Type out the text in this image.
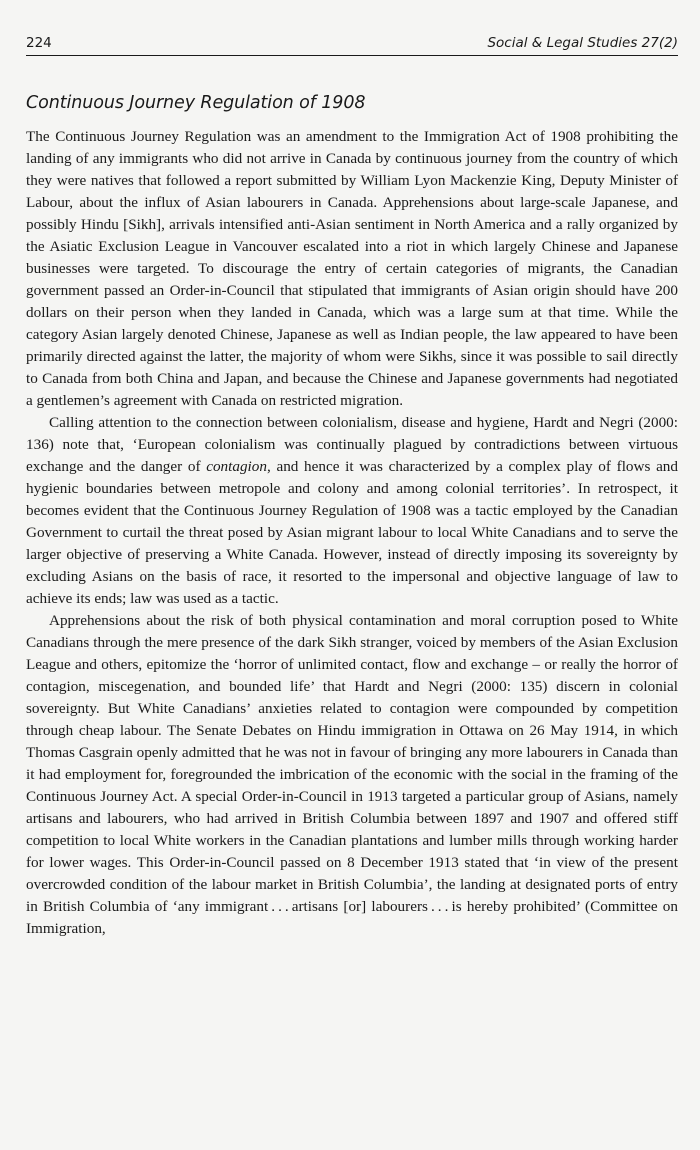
224	Social & Legal Studies 27(2)
Continuous Journey Regulation of 1908

The Continuous Journey Regulation was an amendment to the Immigration Act of 1908 prohibiting the landing of any immigrants who did not arrive in Canada by continuous journey from the country of which they were natives that followed a report submitted by William Lyon Mackenzie King, Deputy Minister of Labour, about the influx of Asian labourers in Canada. Apprehensions about large-scale Japanese, and possibly Hindu [Sikh], arrivals intensified anti-Asian sentiment in North America and a rally organized by the Asiatic Exclusion League in Vancouver escalated into a riot in which largely Chinese and Japanese businesses were targeted. To discourage the entry of certain categories of migrants, the Canadian government passed an Order-in-Council that stipulated that immigrants of Asian origin should have 200 dollars on their person when they landed in Canada, which was a large sum at that time. While the category Asian largely denoted Chinese, Japanese as well as Indian people, the law appeared to have been primarily directed against the latter, the majority of whom were Sikhs, since it was possible to sail directly to Canada from both China and Japan, and because the Chinese and Japanese governments had negotiated a gentlemen’s agreement with Canada on restricted migration.

Calling attention to the connection between colonialism, disease and hygiene, Hardt and Negri (2000: 136) note that, ‘European colonialism was continually plagued by contradictions between virtuous exchange and the danger of contagion, and hence it was characterized by a complex play of flows and hygienic boundaries between metropole and colony and among colonial territories’. In retrospect, it becomes evident that the Continuous Journey Regulation of 1908 was a tactic employed by the Canadian Government to curtail the threat posed by Asian migrant labour to local White Canadians and to serve the larger objective of preserving a White Canada. However, instead of directly imposing its sovereignty by excluding Asians on the basis of race, it resorted to the impersonal and objective language of law to achieve its ends; law was used as a tactic.

Apprehensions about the risk of both physical contamination and moral corruption posed to White Canadians through the mere presence of the dark Sikh stranger, voiced by members of the Asian Exclusion League and others, epitomize the ‘horror of unlimited contact, flow and exchange – or really the horror of contagion, miscegenation, and bounded life’ that Hardt and Negri (2000: 135) discern in colonial sovereignty. But White Canadians’ anxieties related to contagion were compounded by competition through cheap labour. The Senate Debates on Hindu immigration in Ottawa on 26 May 1914, in which Thomas Casgrain openly admitted that he was not in favour of bringing any more labourers in Canada than it had employment for, foregrounded the imbrication of the economic with the social in the framing of the Continuous Journey Act. A special Order-in-Council in 1913 targeted a particular group of Asians, namely artisans and labourers, who had arrived in British Columbia between 1897 and 1907 and offered stiff competition to local White workers in the Canadian plantations and lumber mills through working harder for lower wages. This Order-in-Council passed on 8 December 1913 stated that ‘in view of the present overcrowded condition of the labour market in British Columbia’, the landing at designated ports of entry in British Columbia of ‘any immigrant . . . artisans [or] labourers . . . is hereby prohibited’ (Committee on Immigration,
